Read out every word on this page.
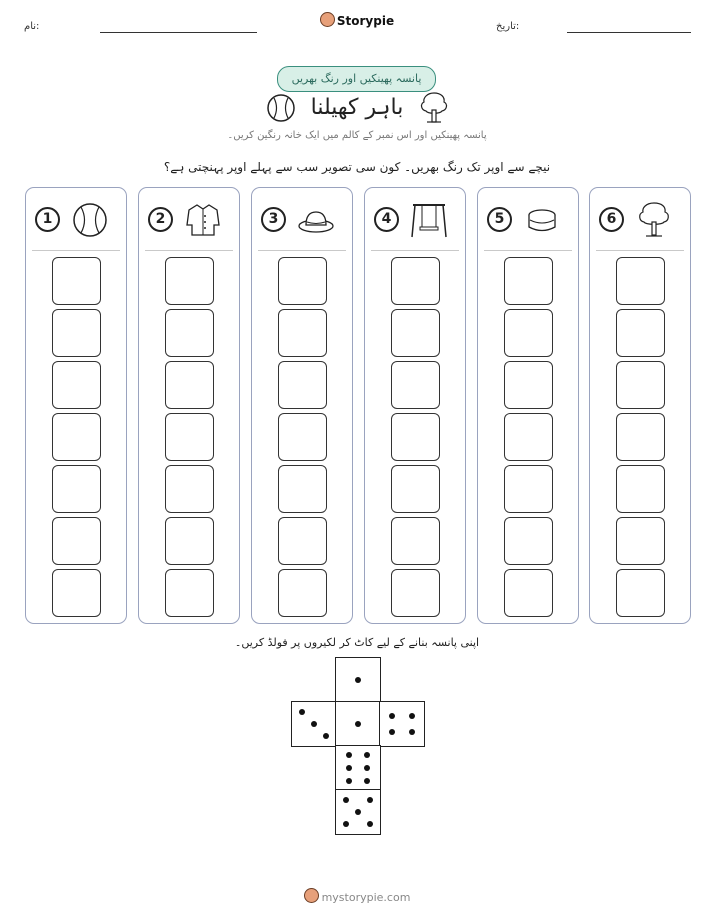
نام:	Storypie	تاریخ:
پانسہ پھینکیں اور رنگ بھریں
باہر کھیلنا
پانسہ پھینکیں اور اس نمبر کے کالم میں ایک خانہ رنگین کریں۔
نیچے سے اوپر تک رنگ بھریں۔ کون سی تصویر سب سے پہلے اوپر پہنچتی ہے؟
1	2	3	4	5	6
اپنی پانسہ بنانے کے لیے کاٹ کر لکیروں پر فولڈ کریں۔
mystorypie.com
